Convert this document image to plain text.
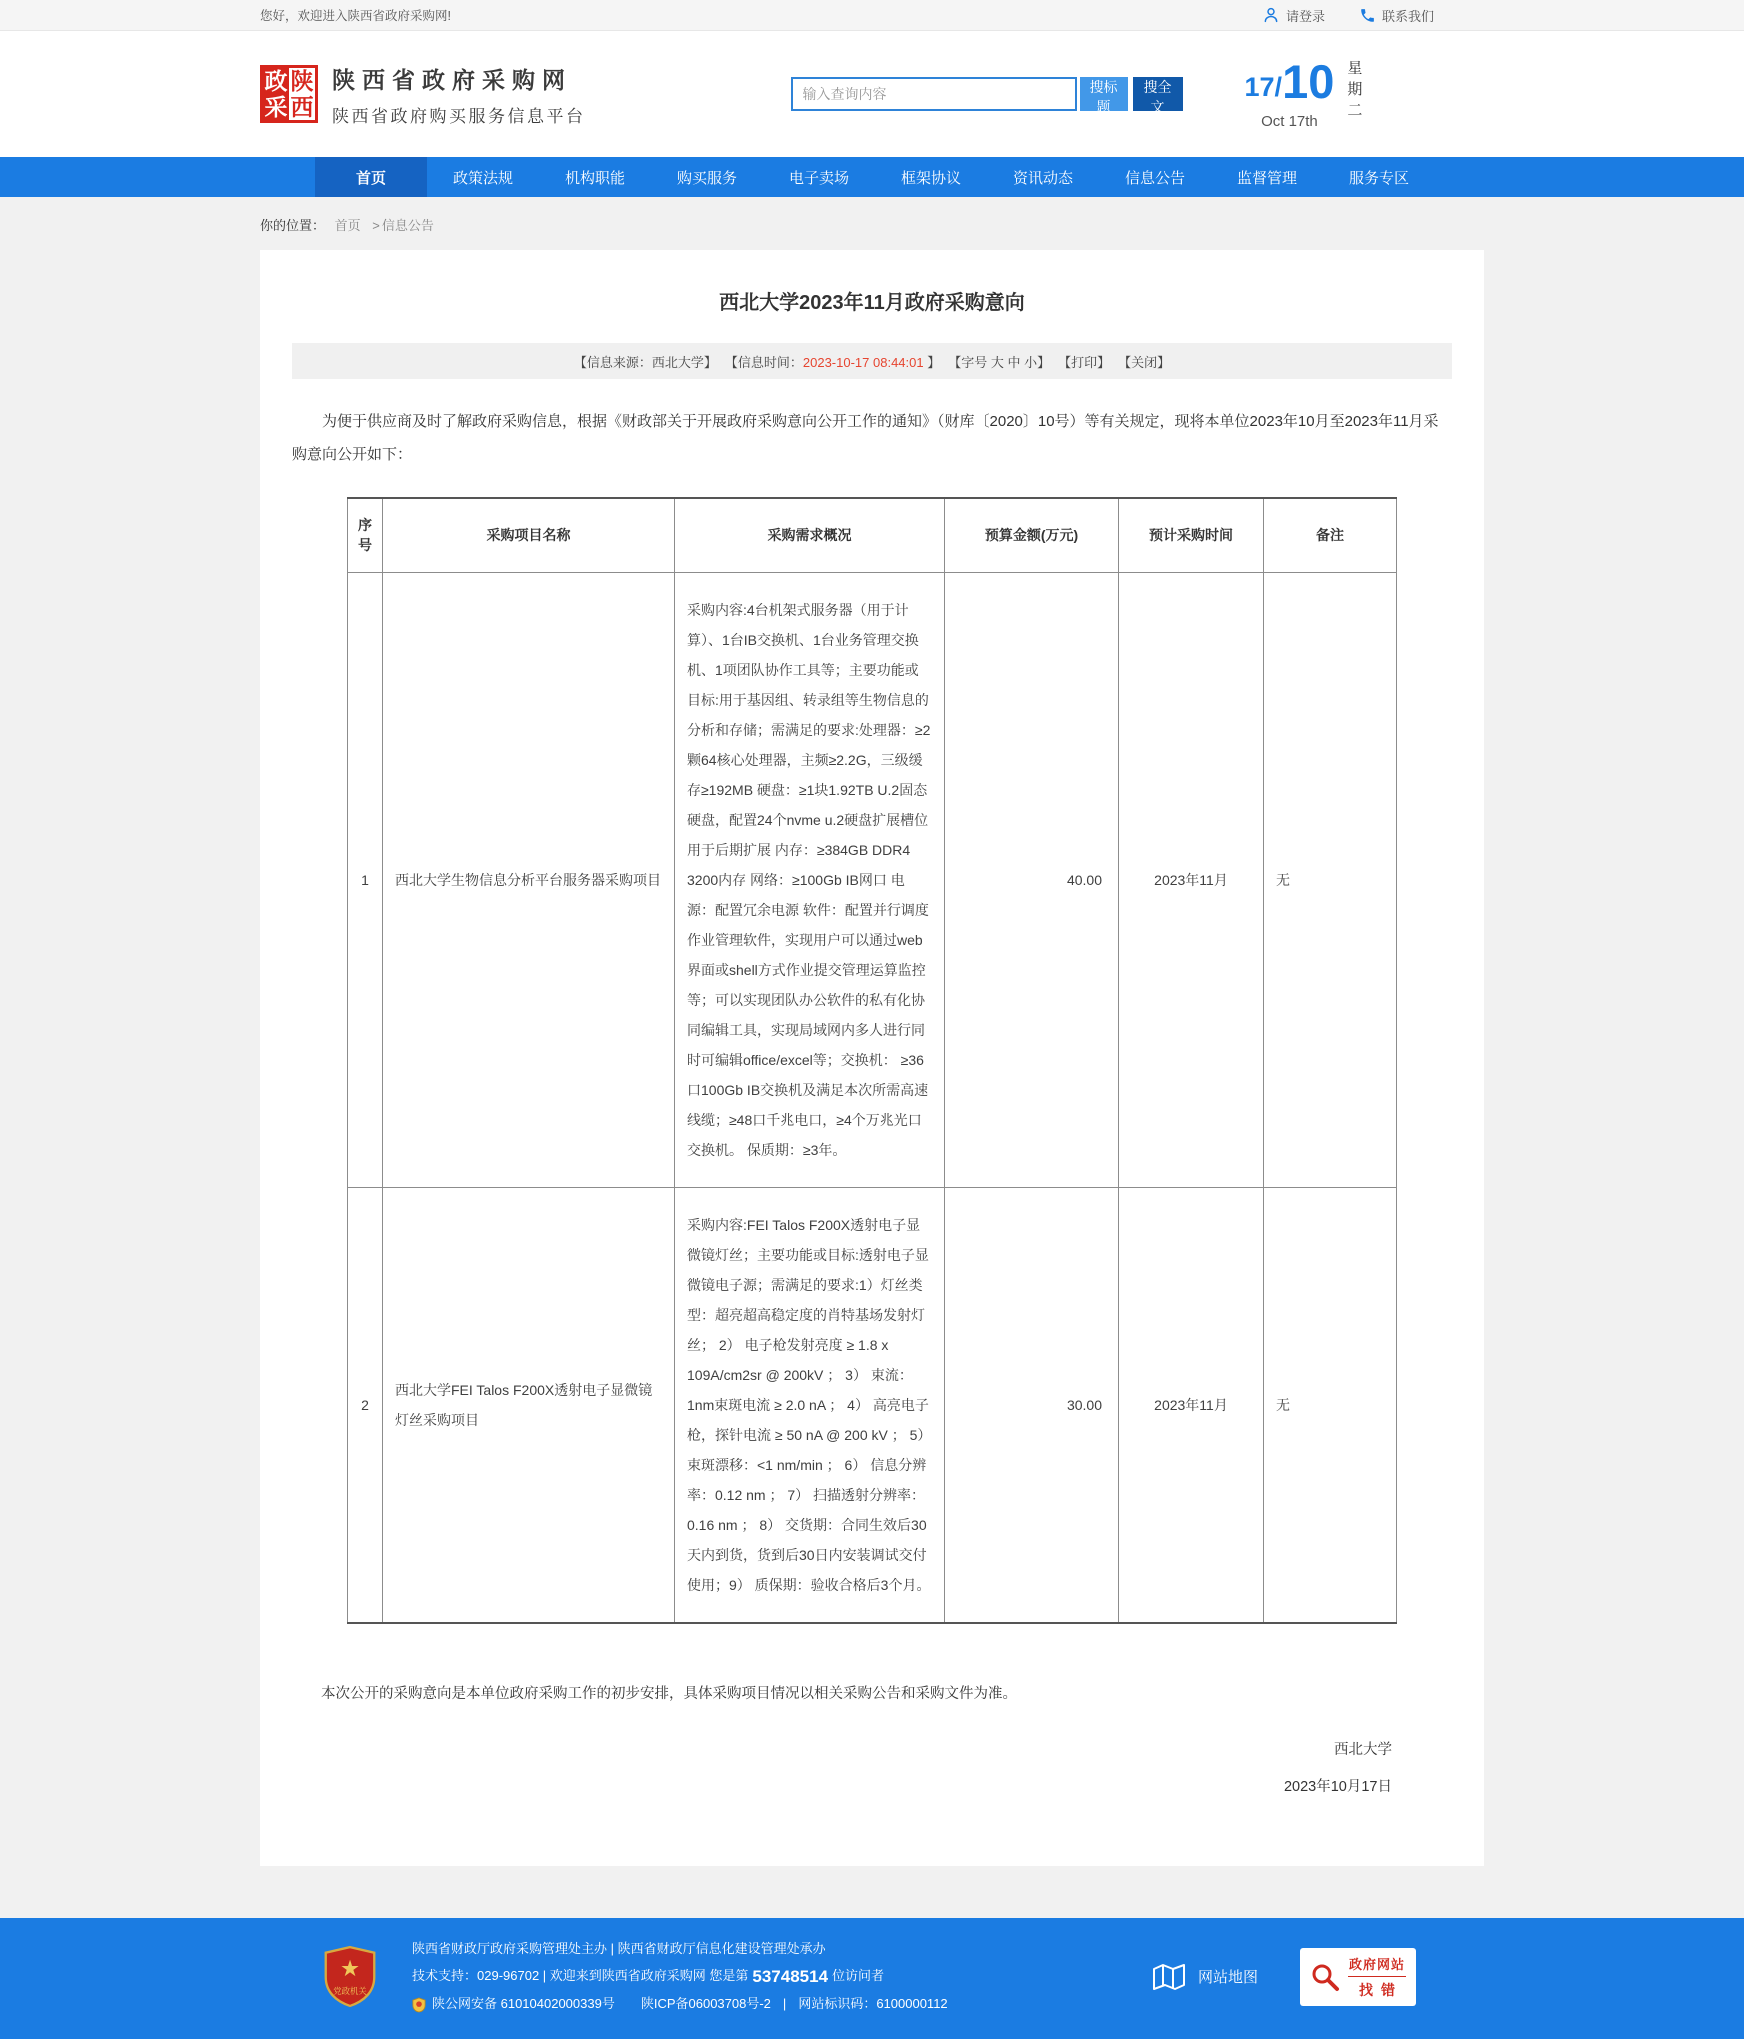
您好，欢迎进入陕西省政府采购网!	请登录	联系我们
政 陕
采 西
陕西省政府采购网
陕西省政府购买服务信息平台
输入查询内容
搜标题
搜全文
17 / 10
Oct 17th 星期二
首页	政策法规	机构职能	购买服务	电子卖场	框架协议	资讯动态	信息公告	监督管理	服务专区
你的位置： 首页 > 信息公告
西北大学2023年11月政府采购意向
【信息来源：西北大学】 【信息时间：2023-10-17 08:44:01 】 【字号 大 中 小】 【打印】 【关闭】

为便于供应商及时了解政府采购信息，根据《财政部关于开展政府采购意向公开工作的通知》（财库〔2020〕10号）等有关规定，现将本单位2023年10月至2023年11月采购意向公开如下：

序号	采购项目名称	采购需求概况	预算金额(万元)	预计采购时间	备注
1	西北大学生物信息分析平台服务器采购项目	采购内容:4台机架式服务器（用于计算）、1台IB交换机、1台业务管理交换机、1项团队协作工具等；主要功能或目标:用于基因组、转录组等生物信息的分析和存储；需满足的要求:处理器：≥2颗64核心处理器，主频≥2.2G，三级缓存≥192MB 硬盘：≥1块1.92TB U.2固态硬盘，配置24个nvme u.2硬盘扩展槽位用于后期扩展 内存：≥384GB DDR4 3200内存 网络：≥100Gb IB网口 电源：配置冗余电源 软件：配置并行调度作业管理软件，实现用户可以通过web界面或shell方式作业提交管理运算监控等；可以实现团队办公软件的私有化协同编辑工具，实现局域网内多人进行同时可编辑office/excel等；交换机： ≥36口100Gb IB交换机及满足本次所需高速线缆；≥48口千兆电口，≥4个万兆光口交换机。 保质期：≥3年。	40.00	2023年11月	无
2	西北大学FEI Talos F200X透射电子显微镜灯丝采购项目	采购内容:FEI Talos F200X透射电子显微镜灯丝；主要功能或目标:透射电子显微镜电子源；需满足的要求:1）灯丝类型：超亮超高稳定度的肖特基场发射灯丝； 2） 电子枪发射亮度 ≥ 1.8 x 109A/cm2sr @ 200kV ； 3） 束流：1nm束斑电流 ≥ 2.0 nA ； 4） 高亮电子枪，探针电流 ≥ 50 nA @ 200 kV ； 5） 束斑漂移：<1 nm/min ； 6） 信息分辨率：0.12 nm ； 7） 扫描透射分辨率：0.16 nm ； 8） 交货期：合同生效后30天内到货，货到后30日内安装调试交付使用；9） 质保期：验收合格后3个月。	30.00	2023年11月	无

本次公开的采购意向是本单位政府采购工作的初步安排，具体采购项目情况以相关采购公告和采购文件为准。

西北大学

2023年10月17日

★
党政机关
陕西省财政厅政府采购管理处主办 | 陕西省财政厅信息化建设管理处承办
技术支持：029-96702 | 欢迎来到陕西省政府采购网 您是第 53748514 位访问者
陕公网安备 61010402000339号 陕ICP备06003708号-2 | 网站标识码：6100000112
网站地图
政府网站
找错
